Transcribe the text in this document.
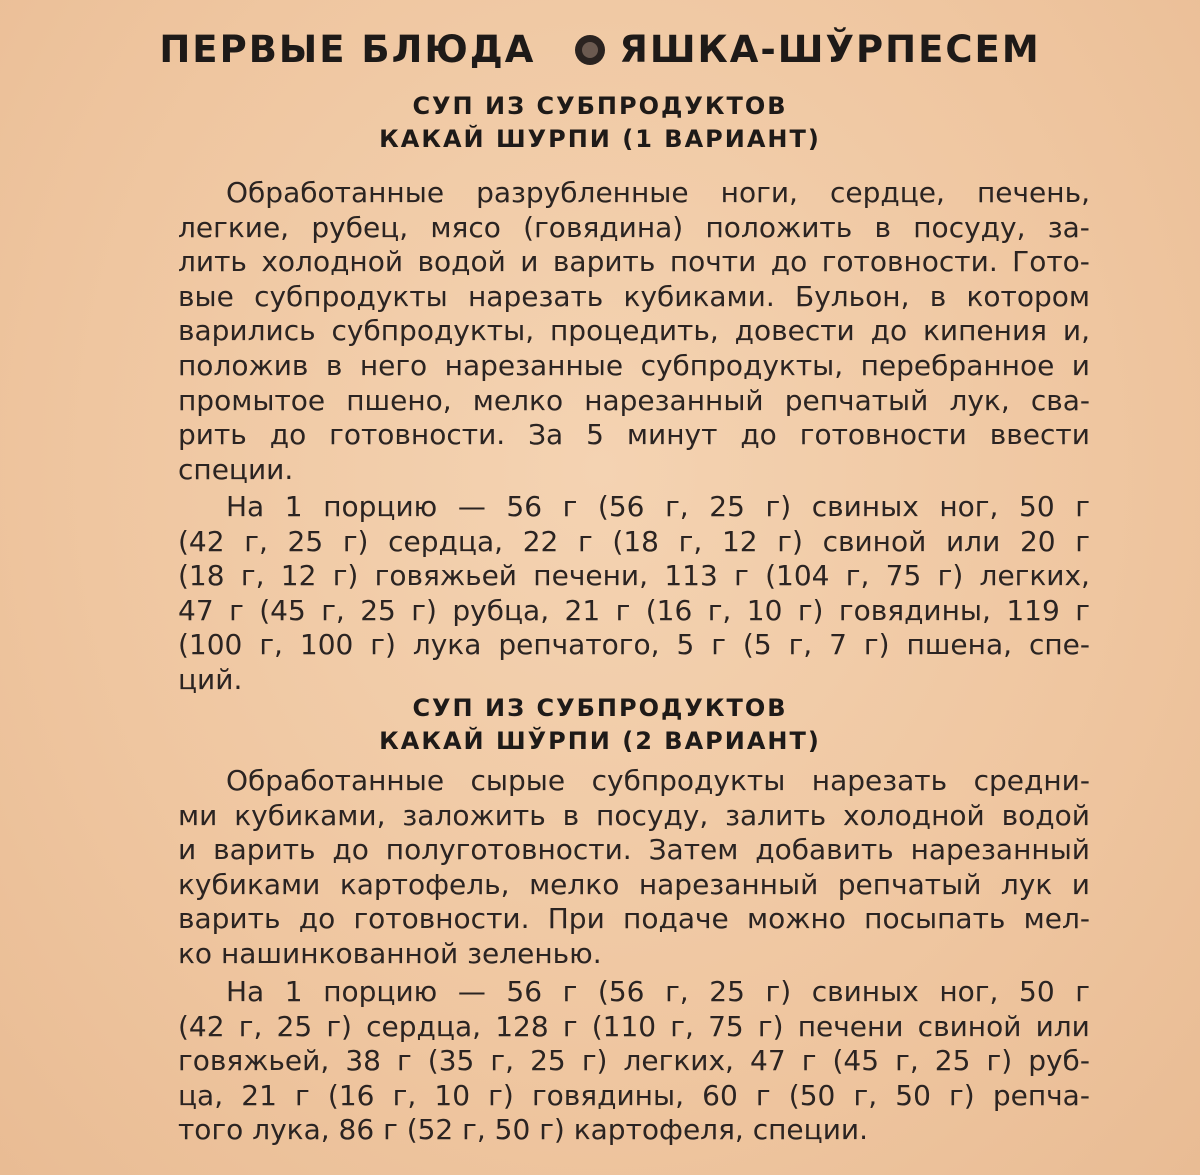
ПЕРВЫЕ БЛЮДА ЯШКА-ШЎРПЕСЕМ
СУП ИЗ СУБПРОДУКТОВ
КАКАЙ ШУРПИ (1 ВАРИАНТ)
Обработанные разрубленные ноги, сердце, печень,
легкие, рубец, мясо (говядина) положить в посуду, за-
лить холодной водой и варить почти до готовности. Гото-
вые субпродукты нарезать кубиками. Бульон, в котором
варились субпродукты, процедить, довести до кипения и,
положив в него нарезанные субпродукты, перебранное и
промытое пшено, мелко нарезанный репчатый лук, сва-
рить до готовности. За 5 минут до готовности ввести
специи.
На 1 порцию — 56 г (56 г, 25 г) свиных ног, 50 г
(42 г, 25 г) сердца, 22 г (18 г, 12 г) свиной или 20 г
(18 г, 12 г) говяжьей печени, 113 г (104 г, 75 г) легких,
47 г (45 г, 25 г) рубца, 21 г (16 г, 10 г) говядины, 119 г
(100 г, 100 г) лука репчатого, 5 г (5 г, 7 г) пшена, спе-
ций.
СУП ИЗ СУБПРОДУКТОВ
КАКАЙ ШЎРПИ (2 ВАРИАНТ)
Обработанные сырые субпродукты нарезать средни-
ми кубиками, заложить в посуду, залить холодной водой
и варить до полуготовности. Затем добавить нарезанный
кубиками картофель, мелко нарезанный репчатый лук и
варить до готовности. При подаче можно посыпать мел-
ко нашинкованной зеленью.
На 1 порцию — 56 г (56 г, 25 г) свиных ног, 50 г
(42 г, 25 г) сердца, 128 г (110 г, 75 г) печени свиной или
говяжьей, 38 г (35 г, 25 г) легких, 47 г (45 г, 25 г) руб-
ца, 21 г (16 г, 10 г) говядины, 60 г (50 г, 50 г) репча-
того лука, 86 г (52 г, 50 г) картофеля, специи.
